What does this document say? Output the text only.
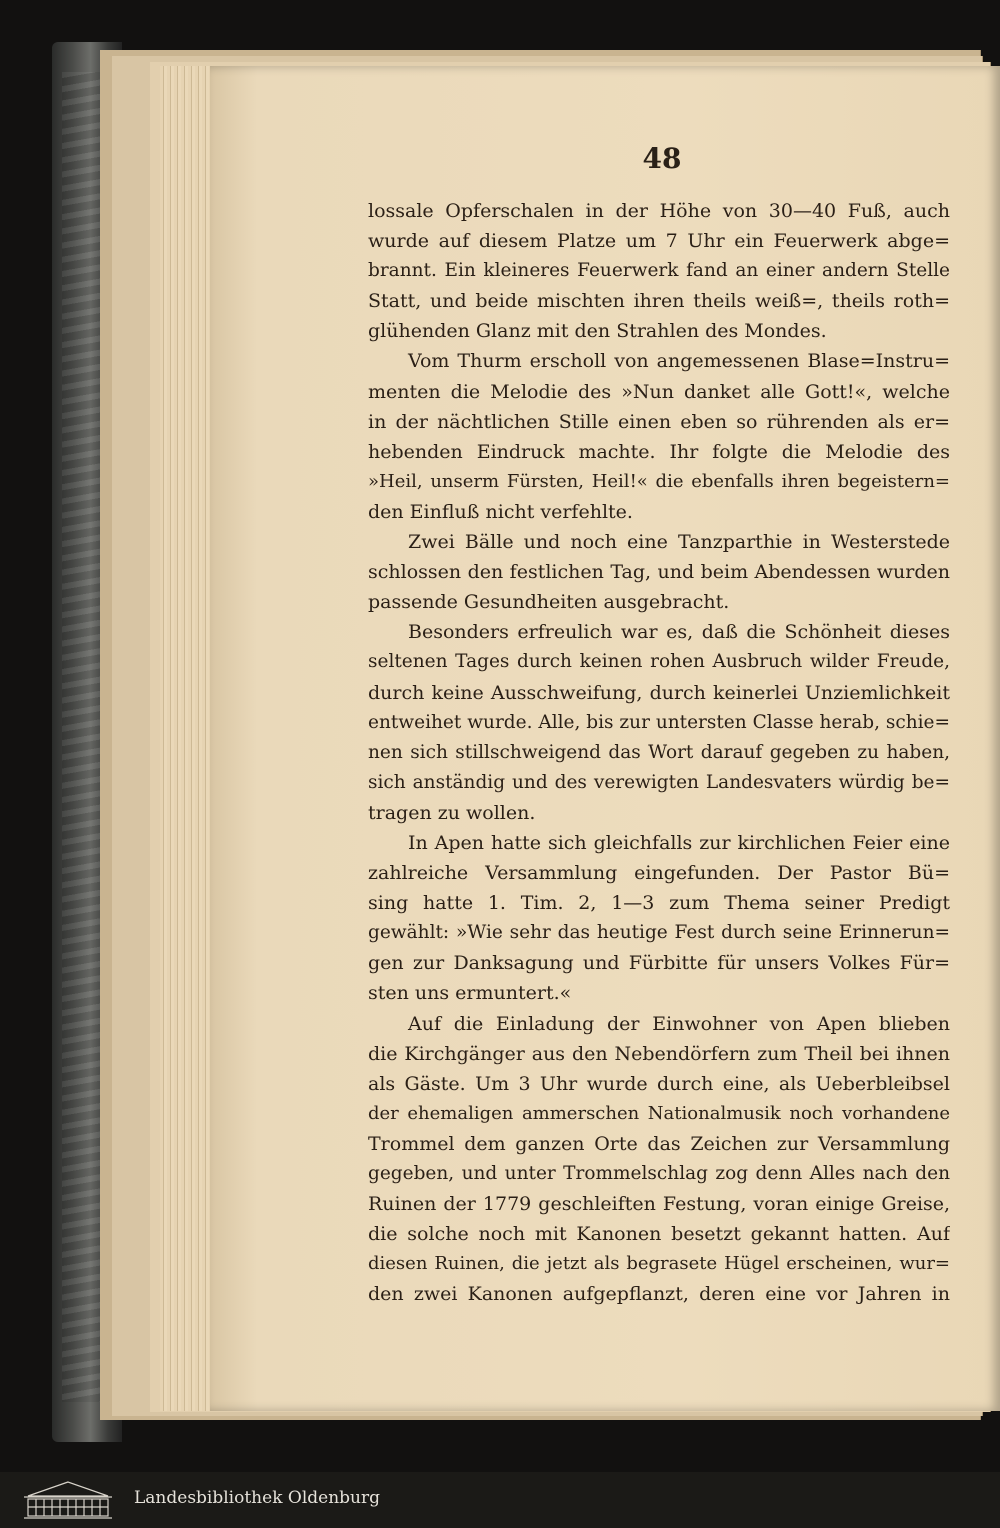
48
lossale Opferschalen in der Höhe von 30—40 Fuß, auch
wurde auf diesem Platze um 7 Uhr ein Feuerwerk abge=
brannt. Ein kleineres Feuerwerk fand an einer andern Stelle
Statt, und beide mischten ihren theils weiß=, theils roth=
glühenden Glanz mit den Strahlen des Mondes.
Vom Thurm erscholl von angemessenen Blase=Instru=
menten die Melodie des »Nun danket alle Gott!«, welche
in der nächtlichen Stille einen eben so rührenden als er=
hebenden Eindruck machte. Ihr folgte die Melodie des
»Heil, unserm Fürsten, Heil!« die ebenfalls ihren begeistern=
den Einfluß nicht verfehlte.
Zwei Bälle und noch eine Tanzparthie in Westerstede
schlossen den festlichen Tag, und beim Abendessen wurden
passende Gesundheiten ausgebracht.
Besonders erfreulich war es, daß die Schönheit dieses
seltenen Tages durch keinen rohen Ausbruch wilder Freude,
durch keine Ausschweifung, durch keinerlei Unziemlichkeit
entweihet wurde. Alle, bis zur untersten Classe herab, schie=
nen sich stillschweigend das Wort darauf gegeben zu haben,
sich anständig und des verewigten Landesvaters würdig be=
tragen zu wollen.
In Apen hatte sich gleichfalls zur kirchlichen Feier eine
zahlreiche Versammlung eingefunden. Der Pastor Bü=
sing hatte 1. Tim. 2, 1—3 zum Thema seiner Predigt
gewählt: »Wie sehr das heutige Fest durch seine Erinnerun=
gen zur Danksagung und Fürbitte für unsers Volkes Für=
sten uns ermuntert.«
Auf die Einladung der Einwohner von Apen blieben
die Kirchgänger aus den Nebendörfern zum Theil bei ihnen
als Gäste. Um 3 Uhr wurde durch eine, als Ueberbleibsel
der ehemaligen ammerschen Nationalmusik noch vorhandene
Trommel dem ganzen Orte das Zeichen zur Versammlung
gegeben, und unter Trommelschlag zog denn Alles nach den
Ruinen der 1779 geschleiften Festung, voran einige Greise,
die solche noch mit Kanonen besetzt gekannt hatten. Auf
diesen Ruinen, die jetzt als begrasete Hügel erscheinen, wur=
den zwei Kanonen aufgepflanzt, deren eine vor Jahren in
Landesbibliothek Oldenburg
